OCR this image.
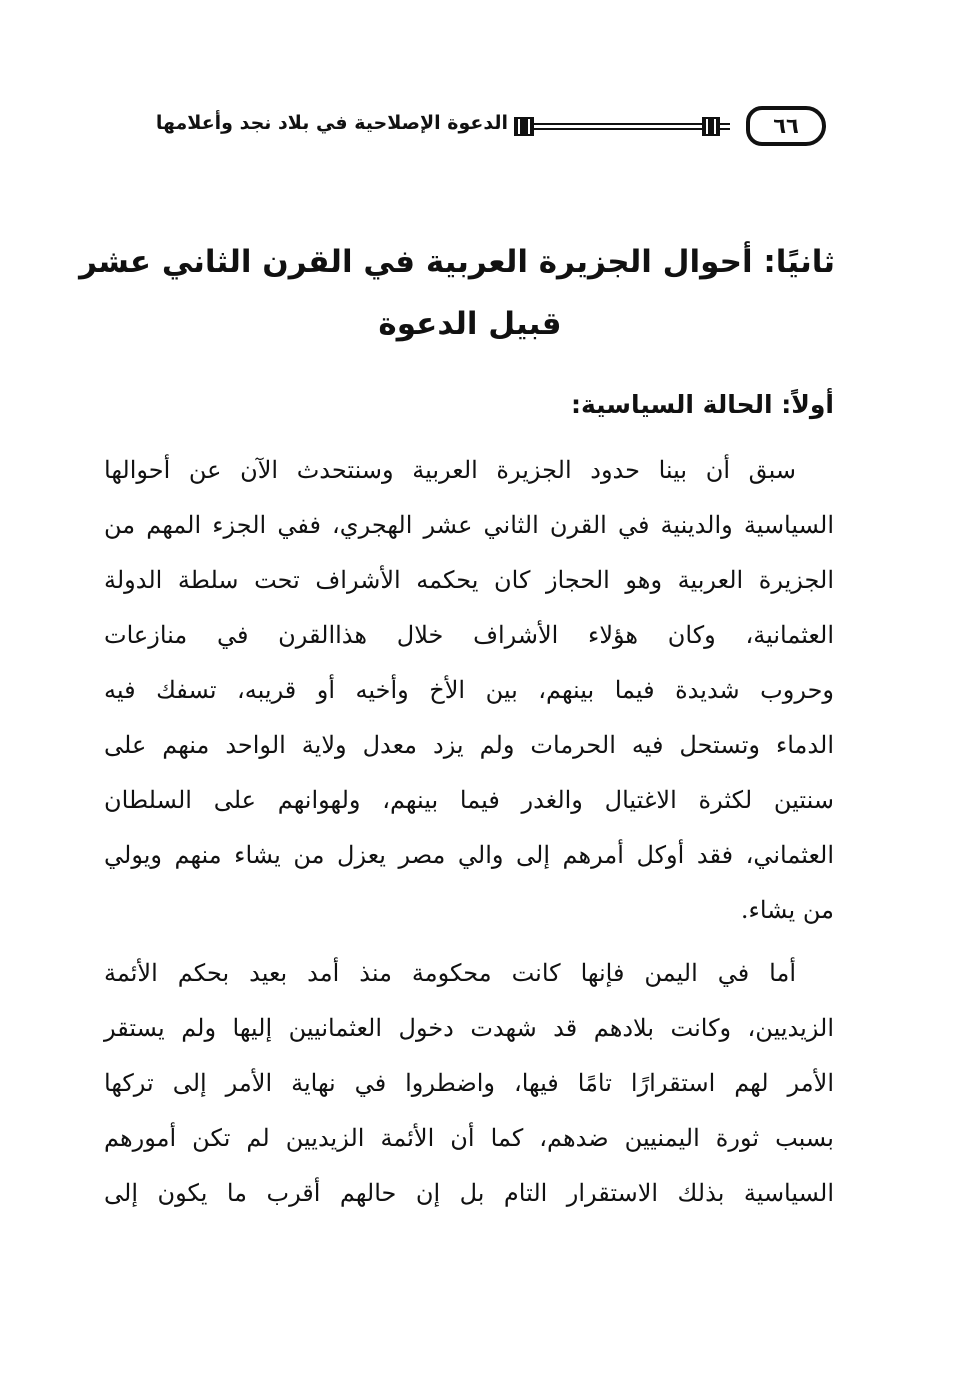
٦٦
الدعوة الإصلاحية في بلاد نجد وأعلامها
ثانيًا: أحوال الجزيرة العربية في القرن الثاني عشر
قبيل الدعوة
أولاً: الحالة السياسية:
سبق أن بينا حدود الجزيرة العربية وسنتحدث الآن عن أحوالها
السياسية والدينية في القرن الثاني عشر الهجري، ففي الجزء المهم من
الجزيرة العربية وهو الحجاز كان يحكمه الأشراف تحت سلطة الدولة
العثمانية، وكان هؤلاء الأشراف خلال هذاالقرن في منازعات
وحروب شديدة فيما بينهم، بين الأخ وأخيه أو قريبه، تسفك فيه
الدماء وتستحل فيه الحرمات ولم يزد معدل ولاية الواحد منهم على
سنتين لكثرة الاغتيال والغدر فيما بينهم، ولهوانهم على السلطان
العثماني، فقد أوكل أمرهم إلى والي مصر يعزل من يشاء منهم ويولي
من يشاء.
أما في اليمن فإنها كانت محكومة منذ أمد بعيد بحكم الأئمة
الزيديين، وكانت بلادهم قد شهدت دخول العثمانيين إليها ولم يستقر
الأمر لهم استقرارًا تامًا فيها، واضطروا في نهاية الأمر إلى تركها
بسبب ثورة اليمنيين ضدهم، كما أن الأئمة الزيديين لم تكن أمورهم
السياسية بذلك الاستقرار التام بل إن حالهم أقرب ما يكون إلى
